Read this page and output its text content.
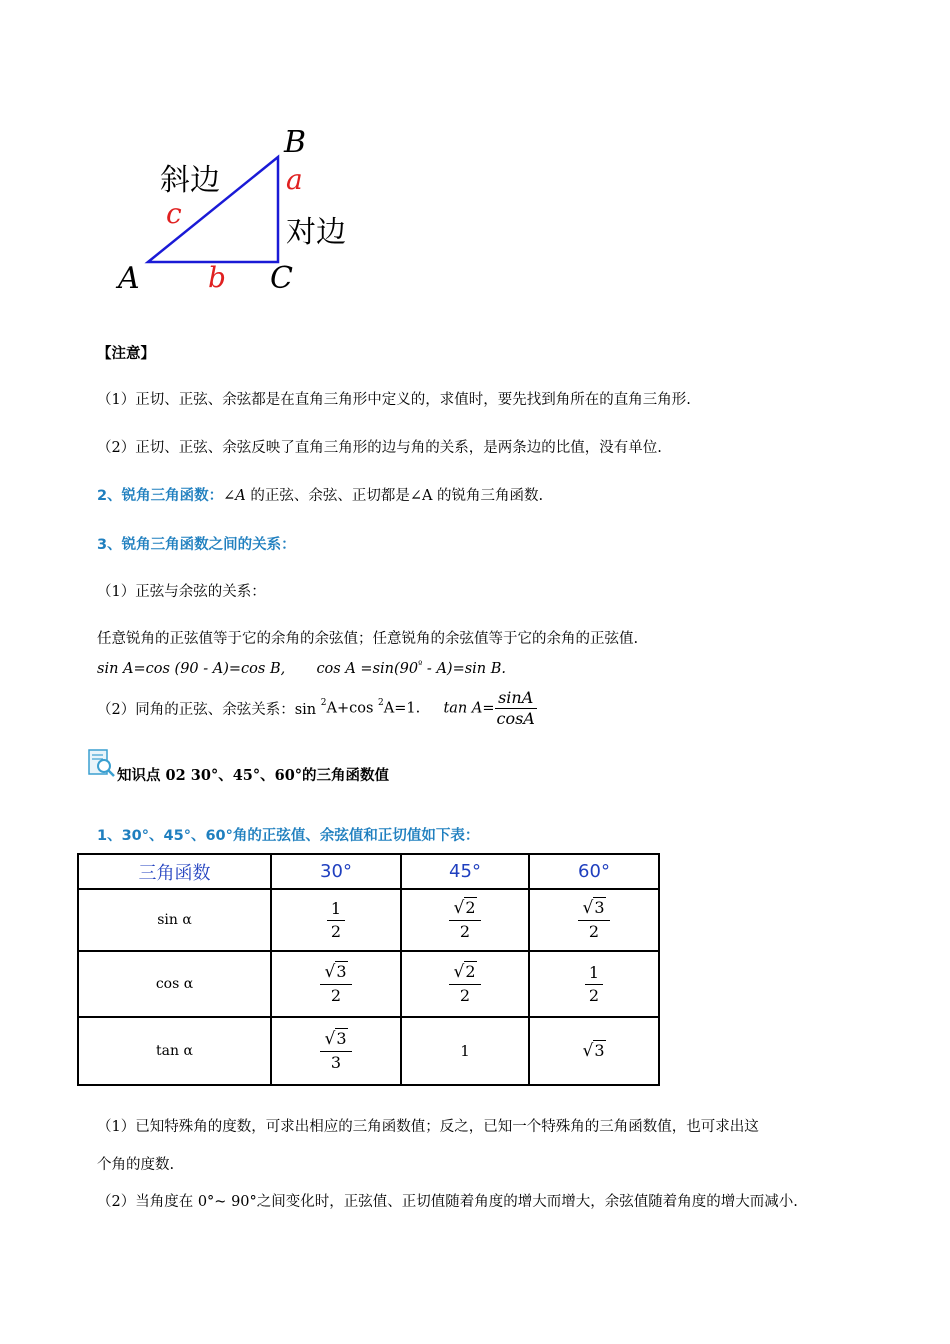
斜边
对边
B
A	C
a
b
c
【注意】
（1）正切、正弦、余弦都是在直角三角形中定义的，求值时，要先找到角所在的直角三角形.
（2）正切、正弦、余弦反映了直角三角形的边与角的关系，是两条边的比值，没有单位.
2、锐角三角函数：∠A 的正弦、余弦、正切都是∠A 的锐角三角函数.
3、锐角三角函数之间的关系：
（1）正弦与余弦的关系：
任意锐角的正弦值等于它的余角的余弦值；任意锐角的余弦值等于它的余角的正弦值.
sin A=cos (90 - A)=cos B, $\cos A =\sin(90^º - A)=\sin$ B.
（2）同角的正弦、余弦关系：sin $^2$A+cos $^2$A=1. $\tan A= \frac{\sin A}{\cos A}$
知识点 02 30°、45°、60°的三角函数值
1、30°、45°、60°角的正弦值、余弦值和正切值如下表：
三角函数	30°	45°	60°
sin α	$\frac{1}{2}$	$\frac{√2}{2}$	$\frac{√3}{2}$

cos α	$\frac{√3}{2}$	$\frac{√2}{2}$	$\frac{1}{2}$

tan α	$\frac{√3}{3}$	1	√3
（1）已知特殊角的度数，可求出相应的三角函数值；反之，已知一个特殊角的三角函数值，也可求出这
个角的度数.
（2）当角度在 0°~ 90°之间变化时，正弦值、正切值随着角度的增大而增大，余弦值随着角度的增大而减小.
